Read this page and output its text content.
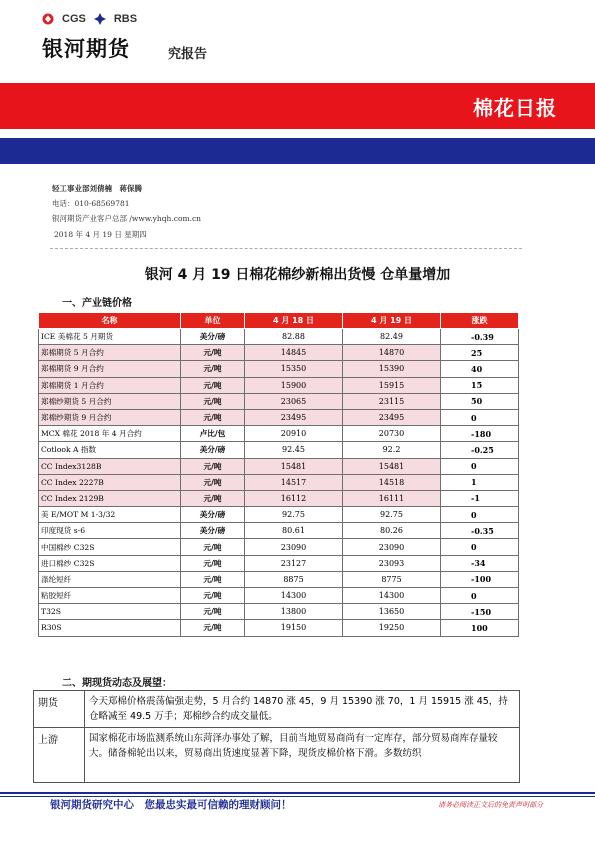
CGS	RBS
银河期货	究报告
棉花日报
轻工事业部刘倩楠　蒋保腾
电话：010-68569781
银河期货产业客户总部 /www.yhqh.com.cn
2018 年 4 月 19 日 星期四
银河 4 月 19 日棉花棉纱新棉出货慢 仓单量增加
一、产业链价格
名称	单位	4 月 18 日	4 月 19 日	涨跌
ICE 美棉花 5 月期货	美分/磅	82.88	82.49	-0.39
郑棉期货 5 月合约	元/吨	14845	14870	25
郑棉期货 9 月合约	元/吨	15350	15390	40
郑棉期货 1 月合约	元/吨	15900	15915	15
郑棉纱期货 5 月合约	元/吨	23065	23115	50
郑棉纱期货 9 月合约	元/吨	23495	23495	0
MCX 棉花 2018 年 4 月合约	卢比/包	20910	20730	-180
Cotlook A 指数	美分/磅	92.45	92.2	-0.25
CC Index3128B	元/吨	15481	15481	0
CC Index 2227B	元/吨	14517	14518	1
CC Index 2129B	元/吨	16112	16111	-1
美 E/MOT M 1-3/32	美分/磅	92.75	92.75	0
印度现货 s-6	美分/磅	80.61	80.26	-0.35
中国棉纱 C32S	元/吨	23090	23090	0
进口棉纱 C32S	元/吨	23127	23093	-34
涤纶短纤	元/吨	8875	8775	-100
粘胶短纤	元/吨	14300	14300	0
T32S	元/吨	13800	13650	-150
R30S	元/吨	19150	19250	100
二、期现货动态及展望：
期货	今天郑棉价格震荡偏强走势，5 月合约 14870 涨 45，9 月 15390 涨 70，1 月 15915 涨 45，持仓略减至 49.5 万手；郑棉纱合约成交量低。
上游	国家棉花市场监测系统山东菏泽办事处了解，目前当地贸易商尚有一定库存，部分贸易商库存量较大。储备棉轮出以来，贸易商出货速度显著下降，现货皮棉价格下滑。多数纺织
银河期货研究中心　您最忠实最可信赖的理财顾问！	请务必阅读正文后的免责声明部分
